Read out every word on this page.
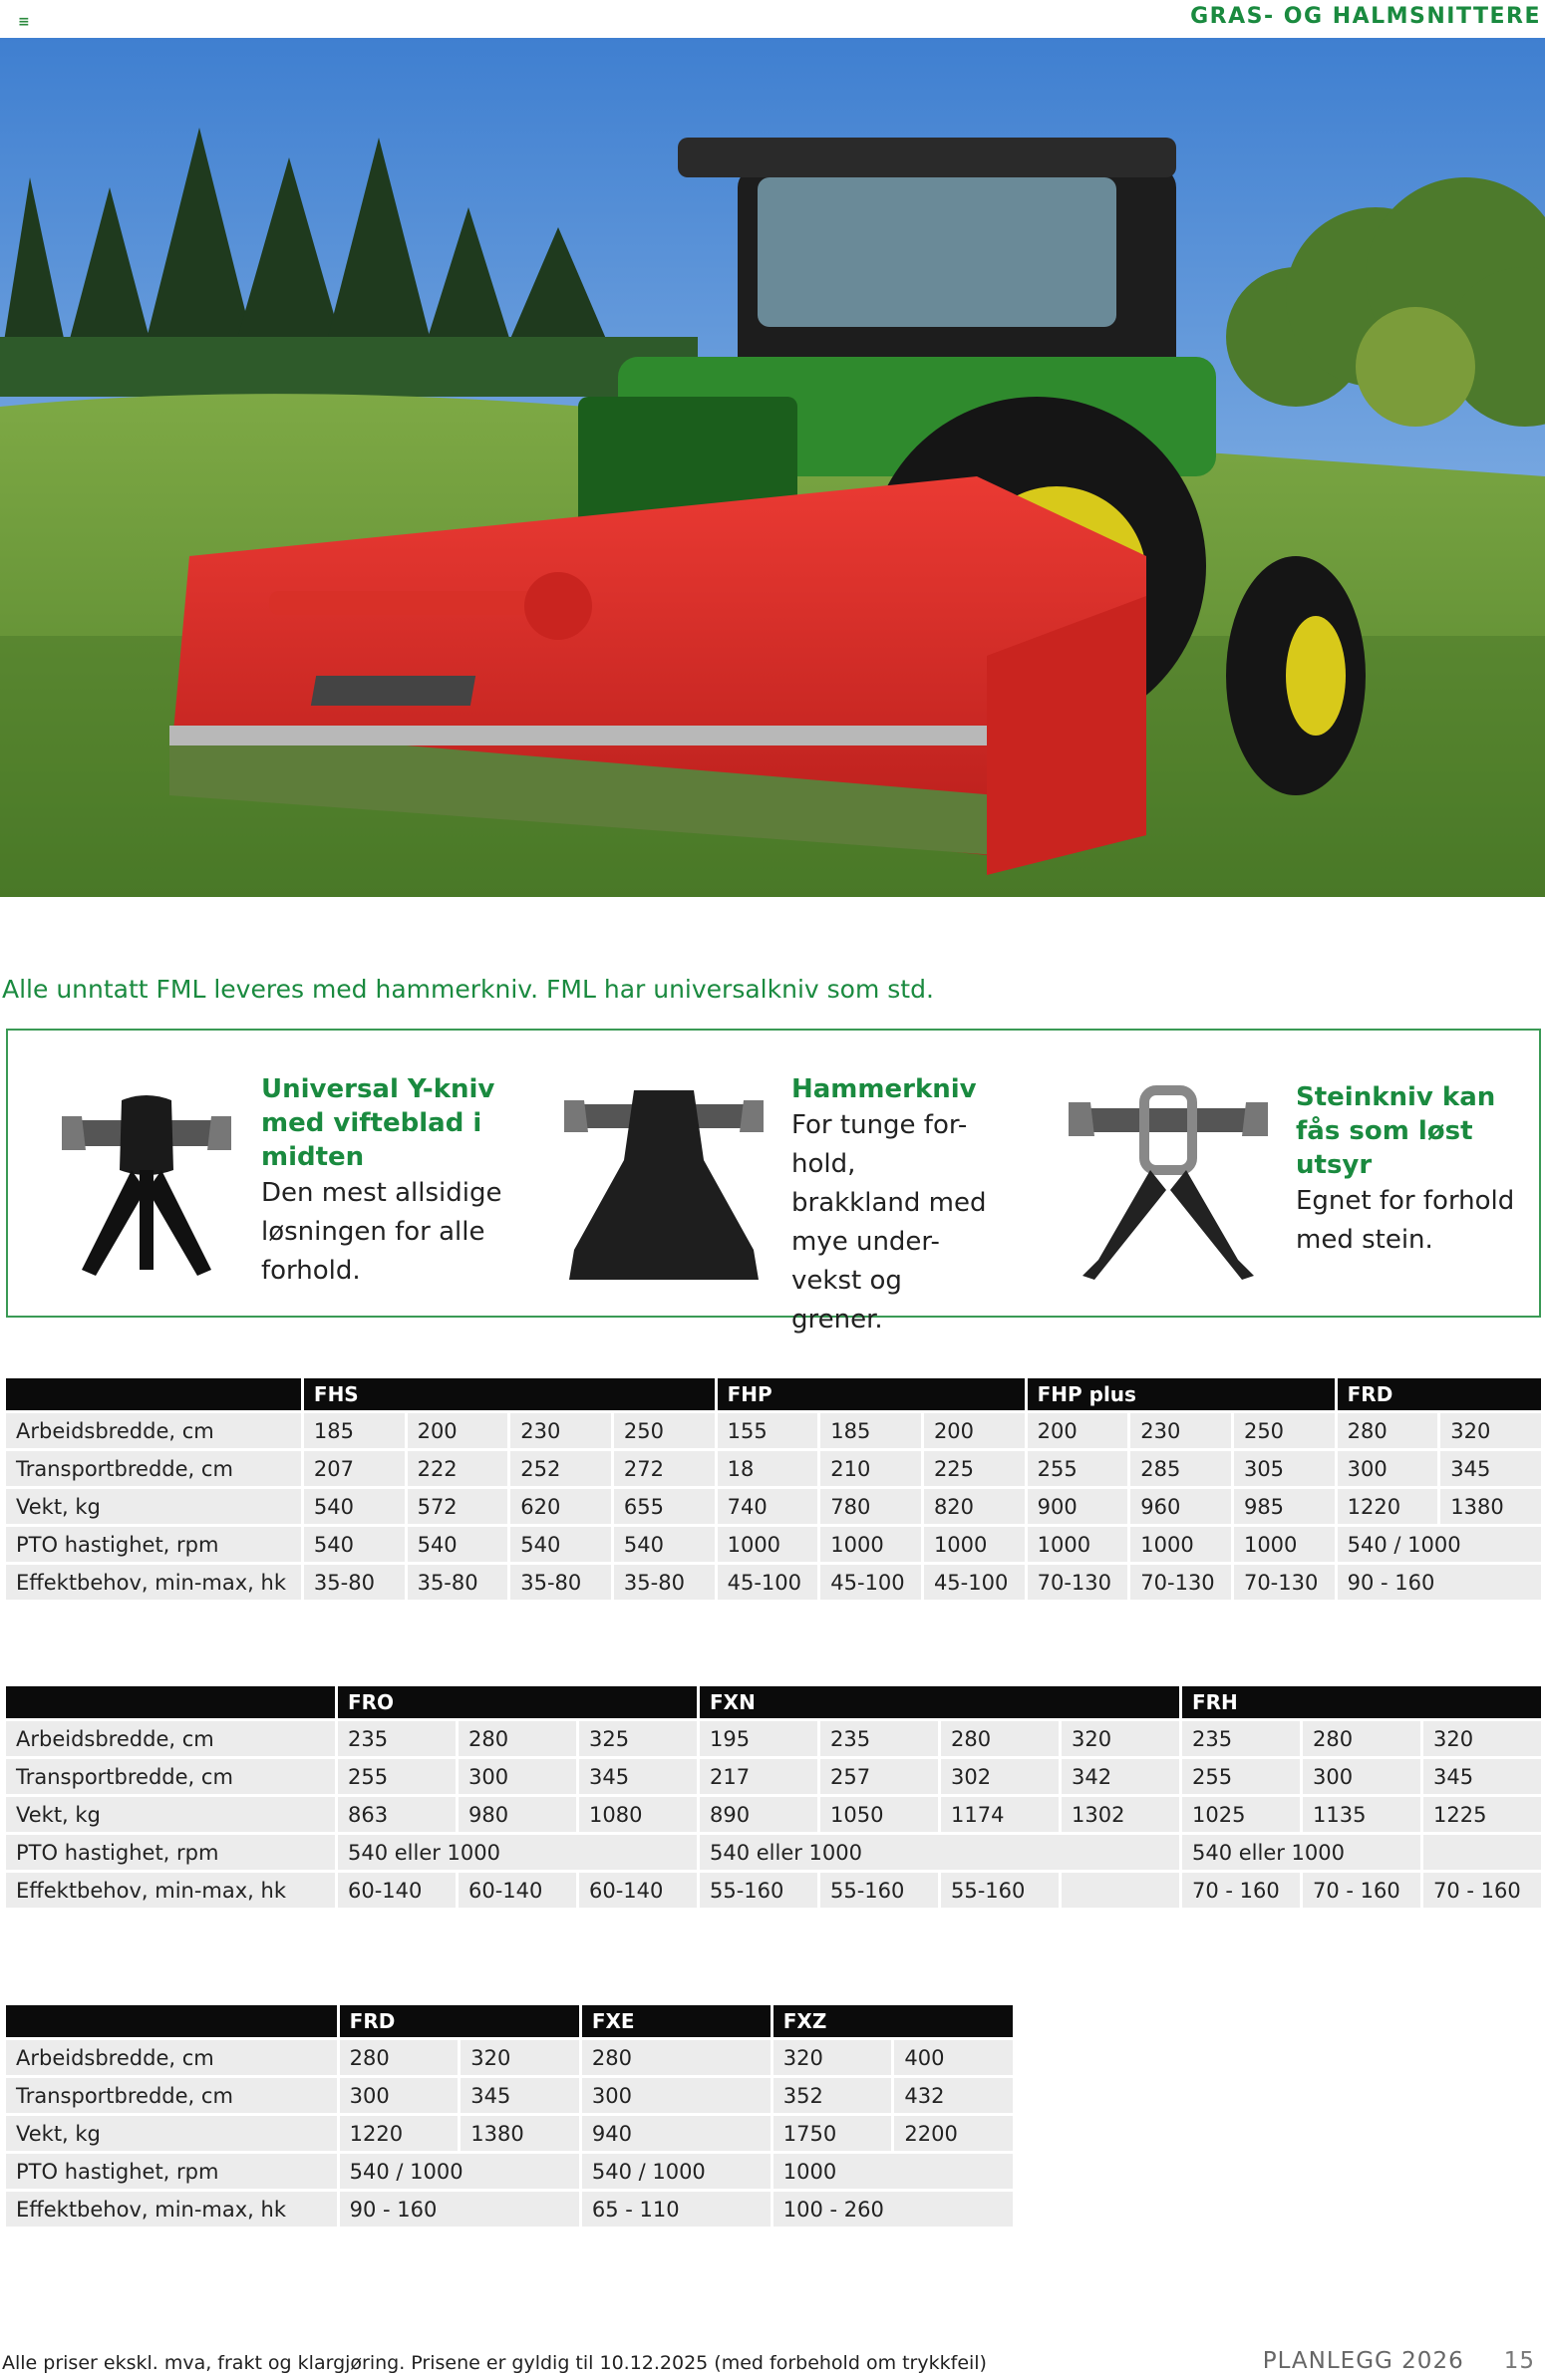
≡	GRAS- OG HALMSNITTERE
Alle unntatt FML leveres med hammerkniv. FML har universalkniv som std.
Universal Y-kniv med vifteblad i midten
Den mest allsidige løsningen for alle forhold.
Hammerkniv
For tunge for-hold, brakkland med mye under-vekst og grener.
Steinkniv kan fås som løst utsyr
Egnet for forhold med stein.
	FHS				FHP			FHP plus			FRD	
Arbeidsbredde, cm	185	200	230	250	155	185	200	200	230	250	280	320
Transportbredde, cm	207	222	252	272	18	210	225	255	285	305	300	345
Vekt, kg	540	572	620	655	740	780	820	900	960	985	1220	1380
PTO hastighet, rpm	540	540	540	540	1000	1000	1000	1000	1000	1000	540 / 1000	
Effektbehov, min-max, hk	35-80	35-80	35-80	35-80	45-100	45-100	45-100	70-130	70-130	70-130	90 - 160	
	FRO			FXN				FRH		
Arbeidsbredde, cm	235	280	325	195	235	280	320	235	280	320
Transportbredde, cm	255	300	345	217	257	302	342	255	300	345
Vekt, kg	863	980	1080	890	1050	1174	1302	1025	1135	1225
PTO hastighet, rpm	540 eller 1000			540 eller 1000				540 eller 1000		
Effektbehov, min-max, hk	60-140	60-140	60-140	55-160	55-160	55-160		70 - 160	70 - 160	70 - 160
	FRD		FXE	FXZ	
Arbeidsbredde, cm	280	320	280	320	400
Transportbredde, cm	300	345	300	352	432
Vekt, kg	1220	1380	940	1750	2200
PTO hastighet, rpm	540 / 1000		540 / 1000	1000	
Effektbehov, min-max, hk	90 - 160		65 - 110	100 - 260	
Alle priser ekskl. mva, frakt og klargjøring. Prisene er gyldig til 10.12.2025 (med forbehold om trykkfeil)	PLANLEGG 2026 15
